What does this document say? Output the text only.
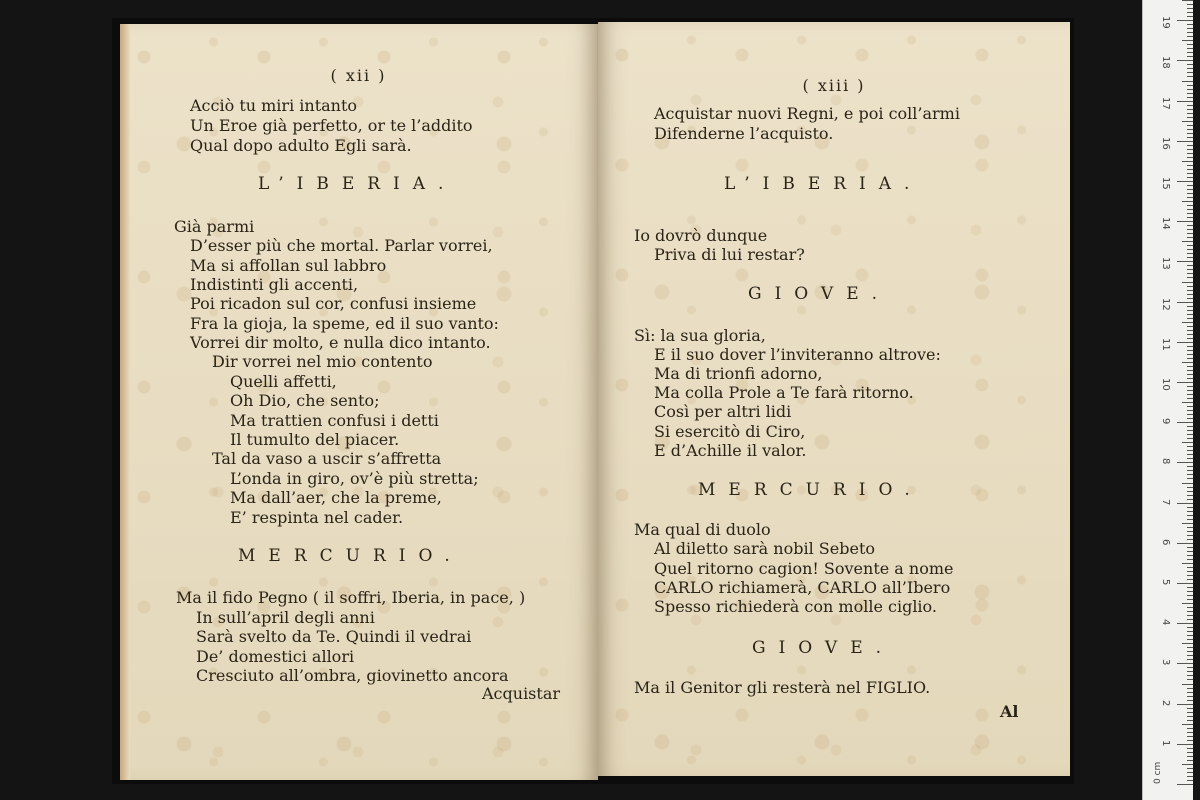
( xii )
Acciò tu miri intanto
Un Eroe già perfetto, or te l’addito
Qual dopo adulto Egli sarà.
L’IBERIA.
Già parmi
D’esser più che mortal. Parlar vorrei,
Ma si affollan sul labbro
Indistinti gli accenti,
Poi ricadon sul cor, confusi insieme
Fra la gioja, la speme, ed il suo vanto:
Vorrei dir molto, e nulla dico intanto.
Dir vorrei nel mio contento
Quelli affetti,
Oh Dio, che sento;
Ma trattien confusi i detti
Il tumulto del piacer.
Tal da vaso a uscir s’affretta
L’onda in giro, ov’è più stretta;
Ma dall’aer, che la preme,
E’ respinta nel cader.
MERCURIO.
Ma il fido Pegno ( il soffri, Iberia, in pace, )
In sull’april degli anni
Sarà svelto da Te. Quindi il vedrai
De’ domestici allori
Cresciuto all’ombra, giovinetto ancora
Acquistar
( xiii )
Acquistar nuovi Regni, e poi coll’armi
Difenderne l’acquisto.
L’IBERIA.
Io dovrò dunque
Priva di lui restar?
GIOVE.
Sì: la sua gloria,
E il suo dover l’inviteranno altrove:
Ma di trionfi adorno,
Ma colla Prole a Te farà ritorno.
Così per altri lidi
Si esercitò di Ciro,
E d’Achille il valor.
MERCURIO.
Ma qual di duolo
Al diletto sarà nobil Sebeto
Quel ritorno cagion! Sovente a nome
CARLO richiamerà, CARLO all’Ibero
Spesso richiederà con molle ciglio.
GIOVE.
Ma il Genitor gli resterà nel FIGLIO.
Al
0 cm
1
2
3
4
5
6
7
8
9
10
11
12
13
14
15
16
17
18
19
